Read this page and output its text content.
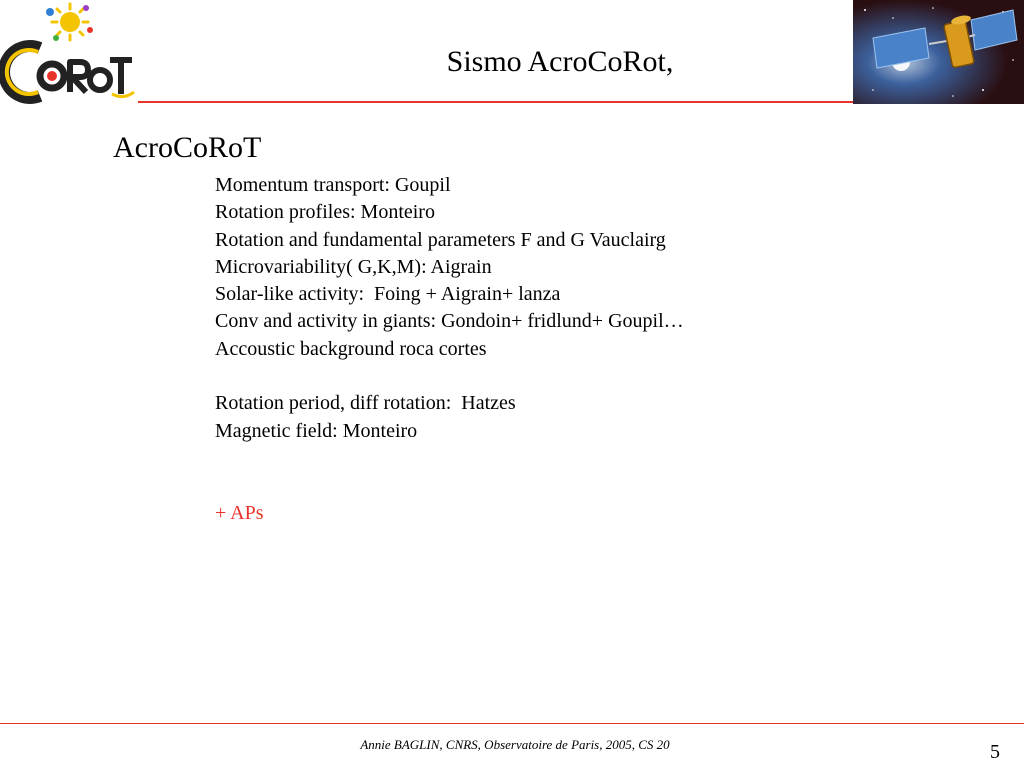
Sismo AcroCoRot,
AcroCoRoT
Momentum transport: Goupil
Rotation profiles: Monteiro
Rotation and fundamental parameters F and G Vauclairg
Microvariability( G,K,M): Aigrain
Solar-like activity:  Foing + Aigrain+ lanza
Conv and activity in giants: Gondoin+ fridlund+ Goupil…
Accoustic background roca cortes
Rotation period, diff rotation:  Hatzes
Magnetic field: Monteiro
+ APs
Annie BAGLIN, CNRS, Observatoire de Paris, 2005, CS 20	5
